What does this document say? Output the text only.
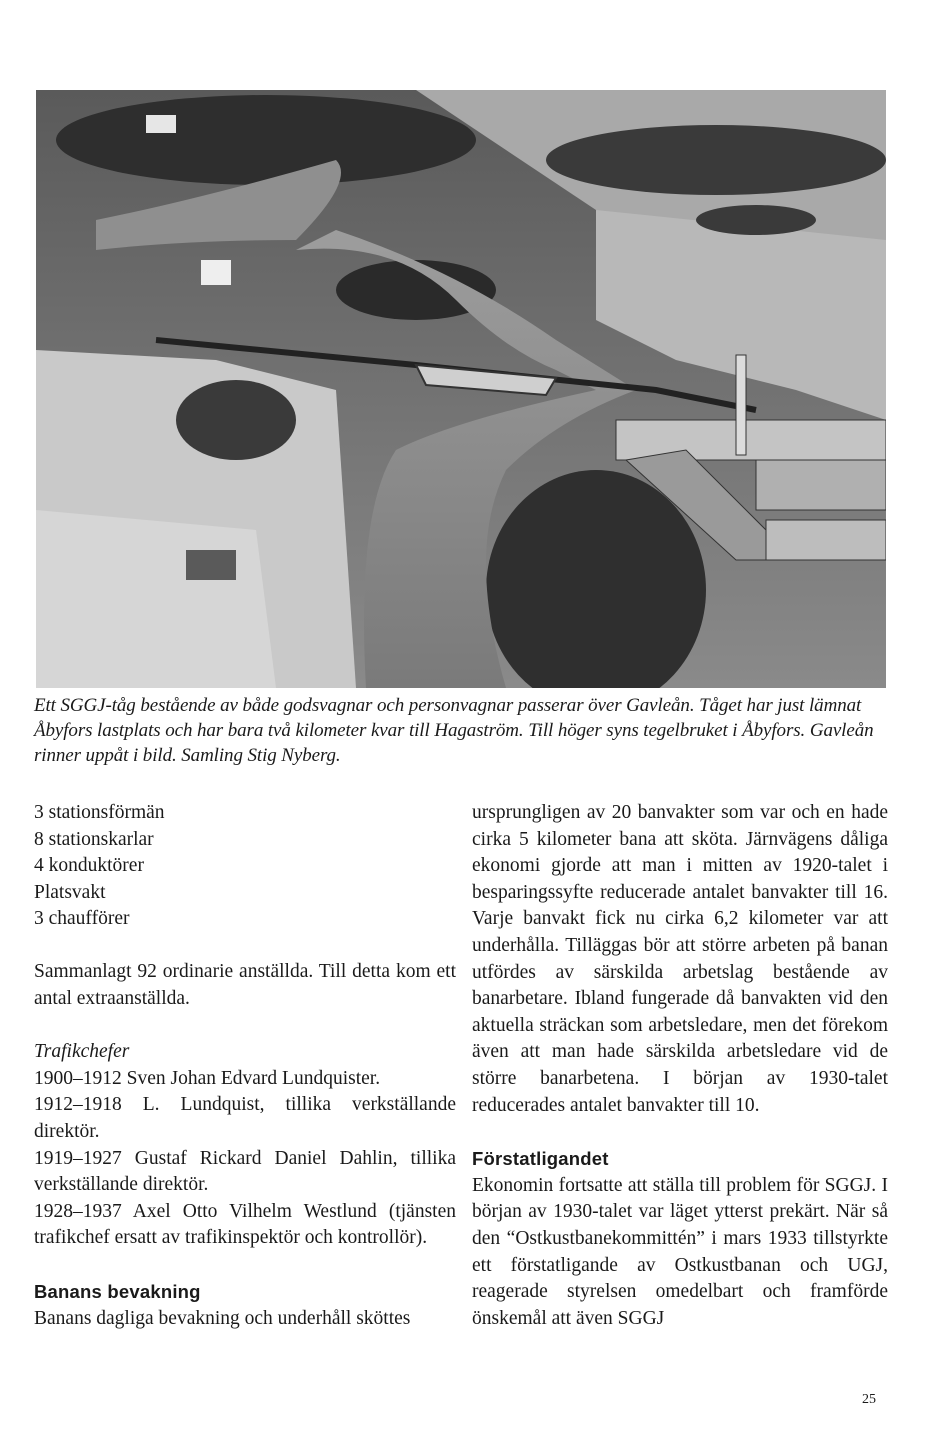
Ett SGGJ-tåg bestående av både godsvagnar och personvagnar passerar över Gavleån. Tåget har just lämnat Åbyfors lastplats och har bara två kilometer kvar till Hagaström. Till höger syns tegelbruket i Åbyfors. Gavleån rinner uppåt i bild. Samling Stig Nyberg.

3 stationsförmän

8 stationskarlar

4 konduktörer

Platsvakt

3 chaufförer

Sammanlagt 92 ordinarie anställda. Till detta kom ett antal extraanställda.

Trafikchefer

1900–1912 Sven Johan Edvard Lundquister.

1912–1918 L. Lundquist, tillika verkställande direktör.

1919–1927 Gustaf Rickard Daniel Dahlin, tillika verkställande direktör.

1928–1937 Axel Otto Vilhelm Westlund (tjänsten trafikchef ersatt av trafikinspektör och kontrollör).

Banans bevakning

Banans dagliga bevakning och underhåll sköttes

ursprungligen av 20 banvakter som var och en hade cirka 5 kilometer bana att sköta. Järnvägens dåliga ekonomi gjorde att man i mitten av 1920-talet i besparingssyfte reducerade antalet banvakter till 16. Varje banvakt fick nu cirka 6,2 kilometer var att underhålla. Tilläggas bör att större arbeten på banan utfördes av särskilda arbetslag bestående av banarbetare. Ibland fungerade då banvakten vid den aktuella sträckan som arbetsledare, men det förekom även att man hade särskilda arbetsledare vid de större banarbetena. I början av 1930-talet reducerades antalet banvakter till 10.

Förstatligandet

Ekonomin fortsatte att ställa till problem för SGGJ. I början av 1930-talet var läget ytterst prekärt. När så den “Ostkustbanekommittén” i mars 1933 tillstyrkte ett förstatligande av Ostkustbanan och UGJ, reagerade styrelsen omedelbart och framförde önskemål att även SGGJ

25
